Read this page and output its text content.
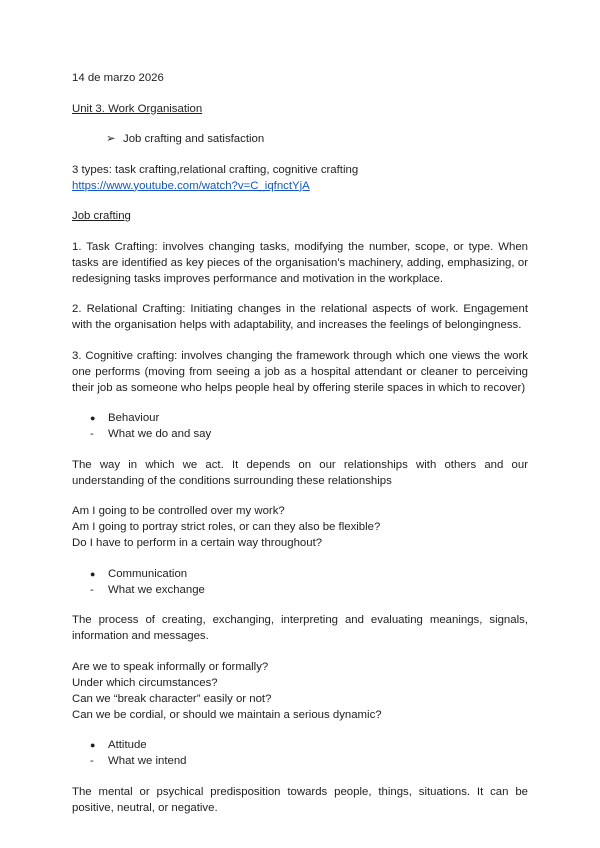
14 de marzo 2026

Unit 3. Work Organisation

➢ Job crafting and satisfaction

3 types: task crafting,relational crafting, cognitive crafting

https://www.youtube.com/watch?v=C_iqfnctYjA

Job crafting

1. Task Crafting: involves changing tasks, modifying the number, scope, or type. When tasks are identified as key pieces of the organisation's machinery, adding, emphasizing, or redesigning tasks improves performance and motivation in the workplace.

2. Relational Crafting: Initiating changes in the relational aspects of work. Engagement with the organisation helps with adaptability, and increases the feelings of belongingness.

3. Cognitive crafting: involves changing the framework through which one views the work one performs (moving from seeing a job as a hospital attendant or cleaner to perceiving their job as someone who helps people heal by offering sterile spaces in which to recover)

●	Behaviour
-	What we do and say

The way in which we act. It depends on our relationships with others and our understanding of the conditions surrounding these relationships

Am I going to be controlled over my work?

Am I going to portray strict roles, or can they also be flexible?

Do I have to perform in a certain way throughout?

●	Communication
-	What we exchange

The process of creating, exchanging, interpreting and evaluating meanings, signals, information and messages.

Are we to speak informally or formally?

Under which circumstances?

Can we “break character” easily or not?

Can we be cordial, or should we maintain a serious dynamic?

●	Attitude
-	What we intend

The mental or psychical predisposition towards people, things, situations. It can be positive, neutral, or negative.
